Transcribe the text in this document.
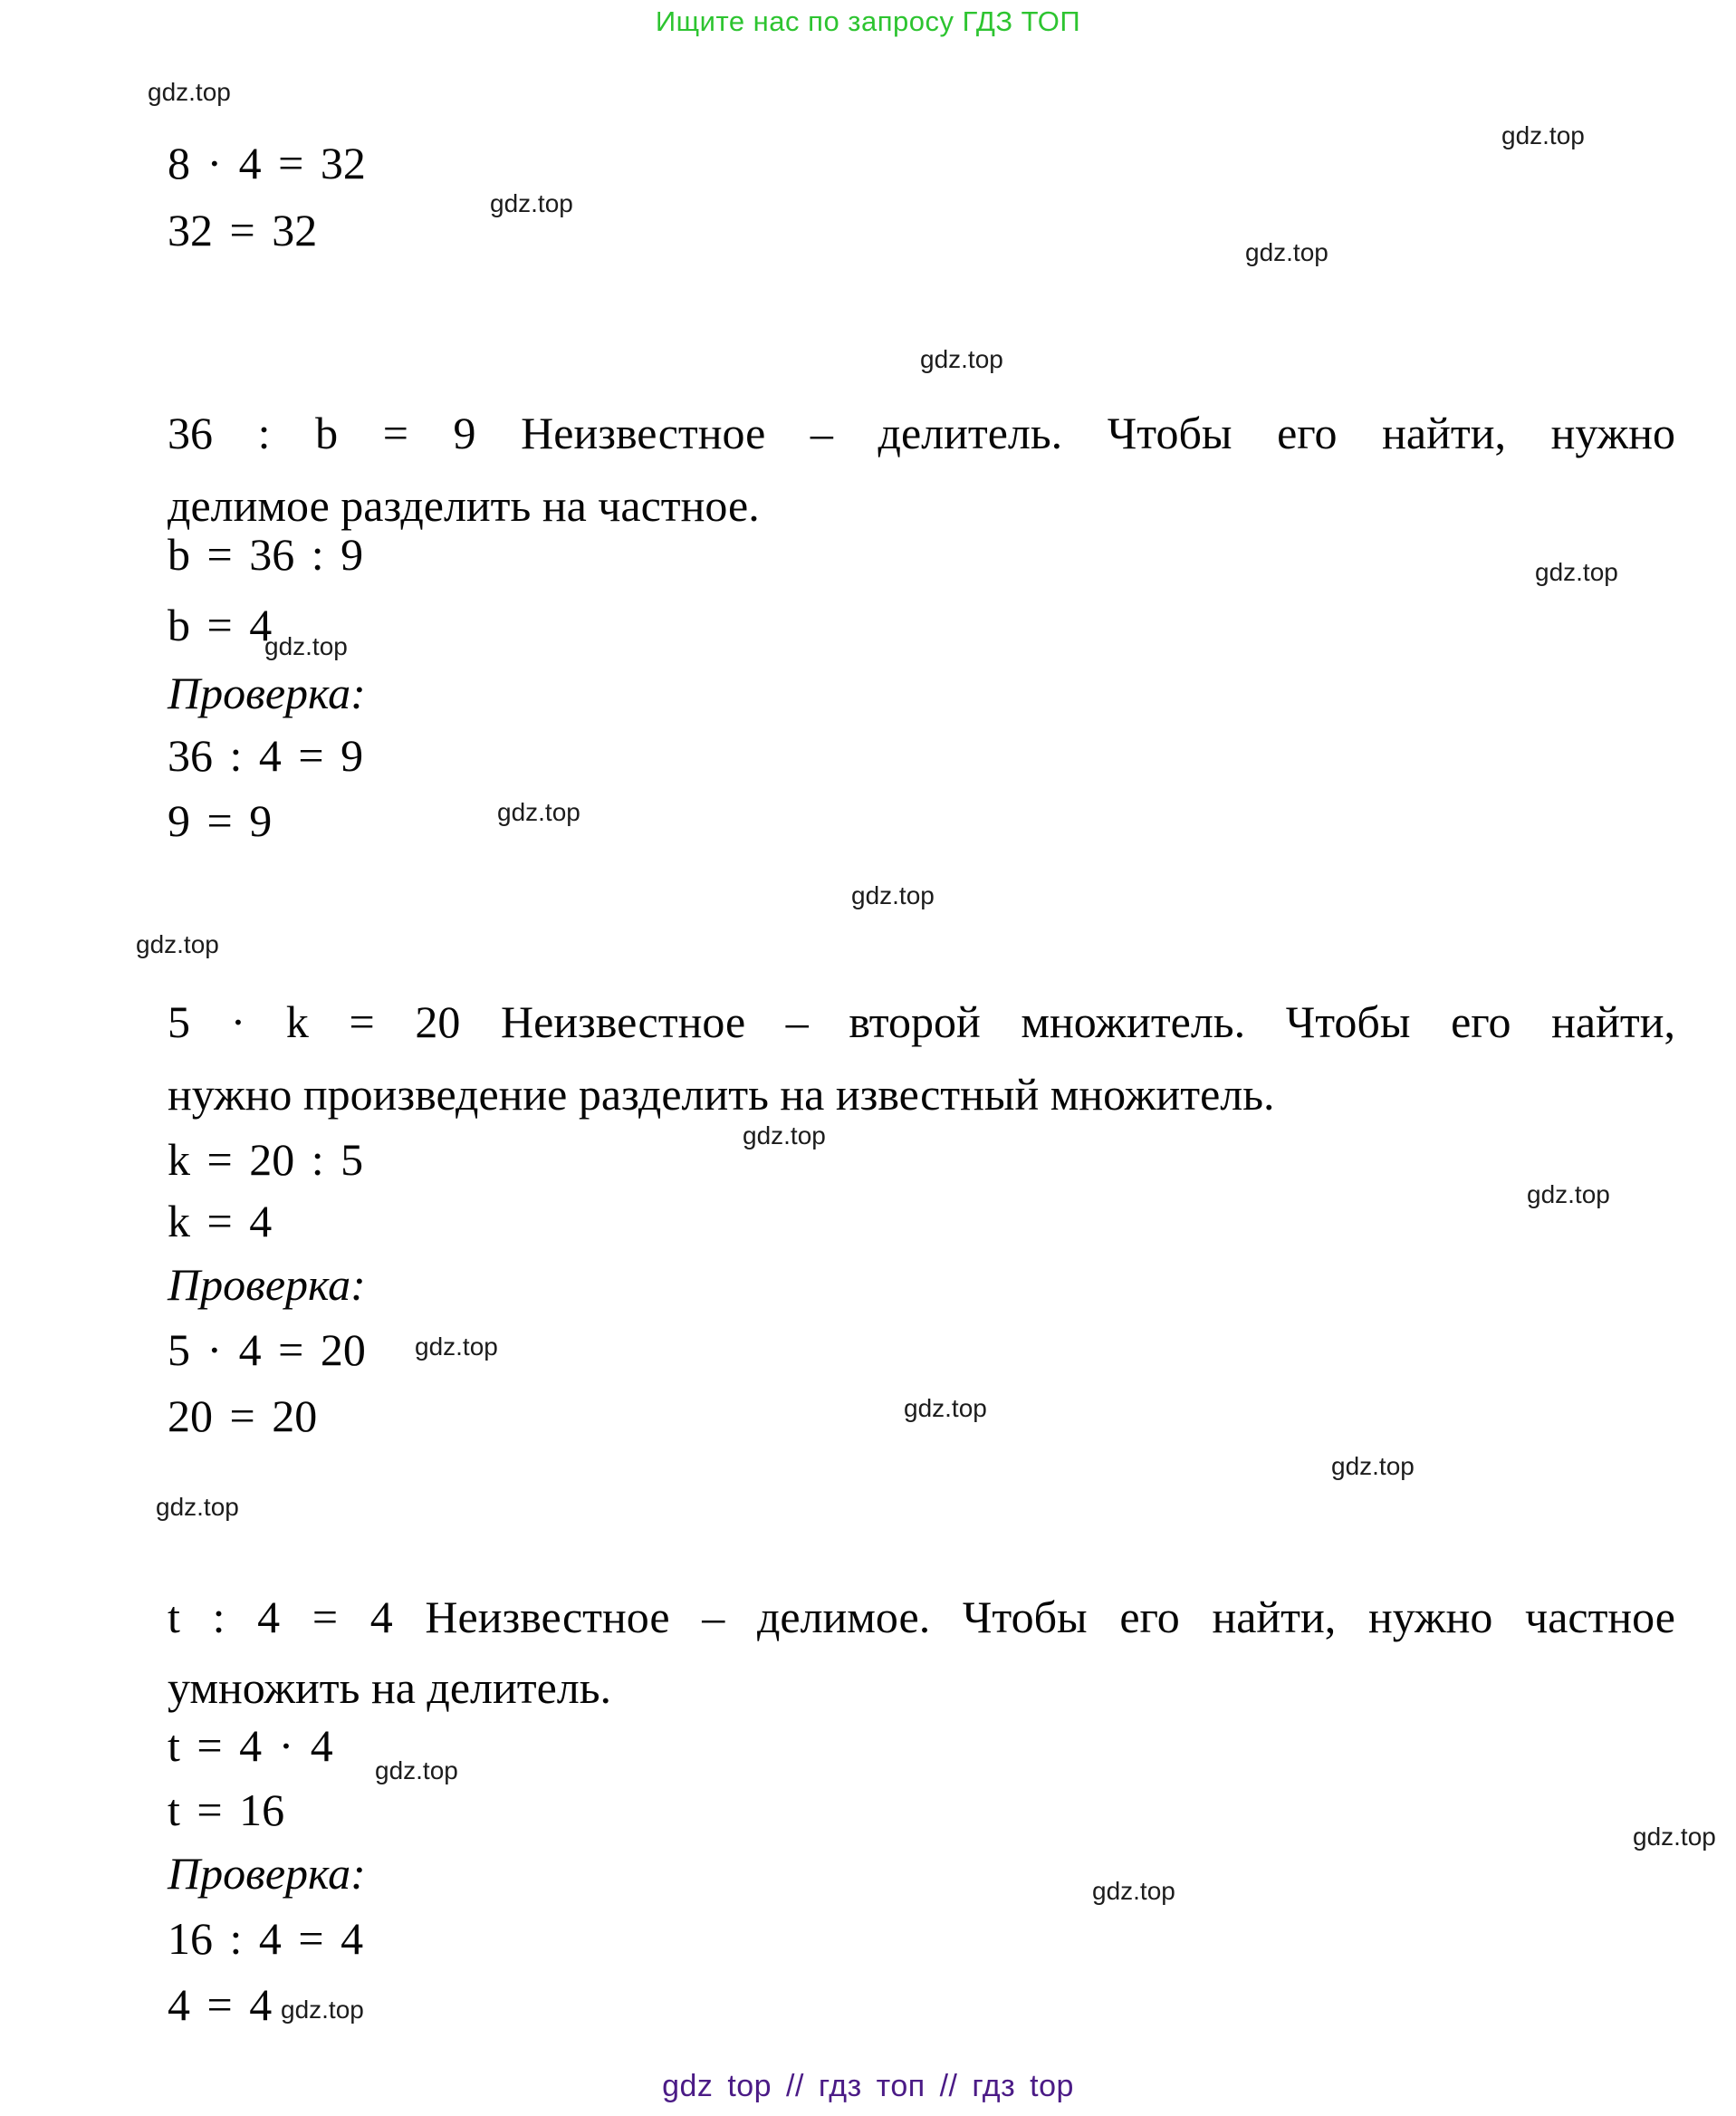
Ищите нас по запросу ГДЗ ТОП
gdz.top
gdz.top
gdz.top
gdz.top
gdz.top
gdz.top
gdz.top
gdz.top
gdz.top
gdz.top
gdz.top
gdz.top
gdz.top
gdz.top
gdz.top
gdz.top
gdz.top
gdz.top
gdz.top
gdz.top
8 · 4 = 32
32 = 32
36 : b = 9 Неизвестное – делитель. Чтобы его найти, нужно
делимое разделить на частное.
b = 36 : 9
b = 4
Проверка:
36 : 4 = 9
9 = 9
5 · k = 20 Неизвестное – второй множитель. Чтобы его найти,
нужно произведение разделить на известный множитель.
k = 20 : 5
k = 4
Проверка:
5 · 4 = 20
20 = 20
t : 4 = 4 Неизвестное – делимое. Чтобы его найти, нужно частное
умножить на делитель.
t = 4 · 4
t = 16
Проверка:
16 : 4 = 4
4 = 4
gdz top // гдз топ // гдз top
